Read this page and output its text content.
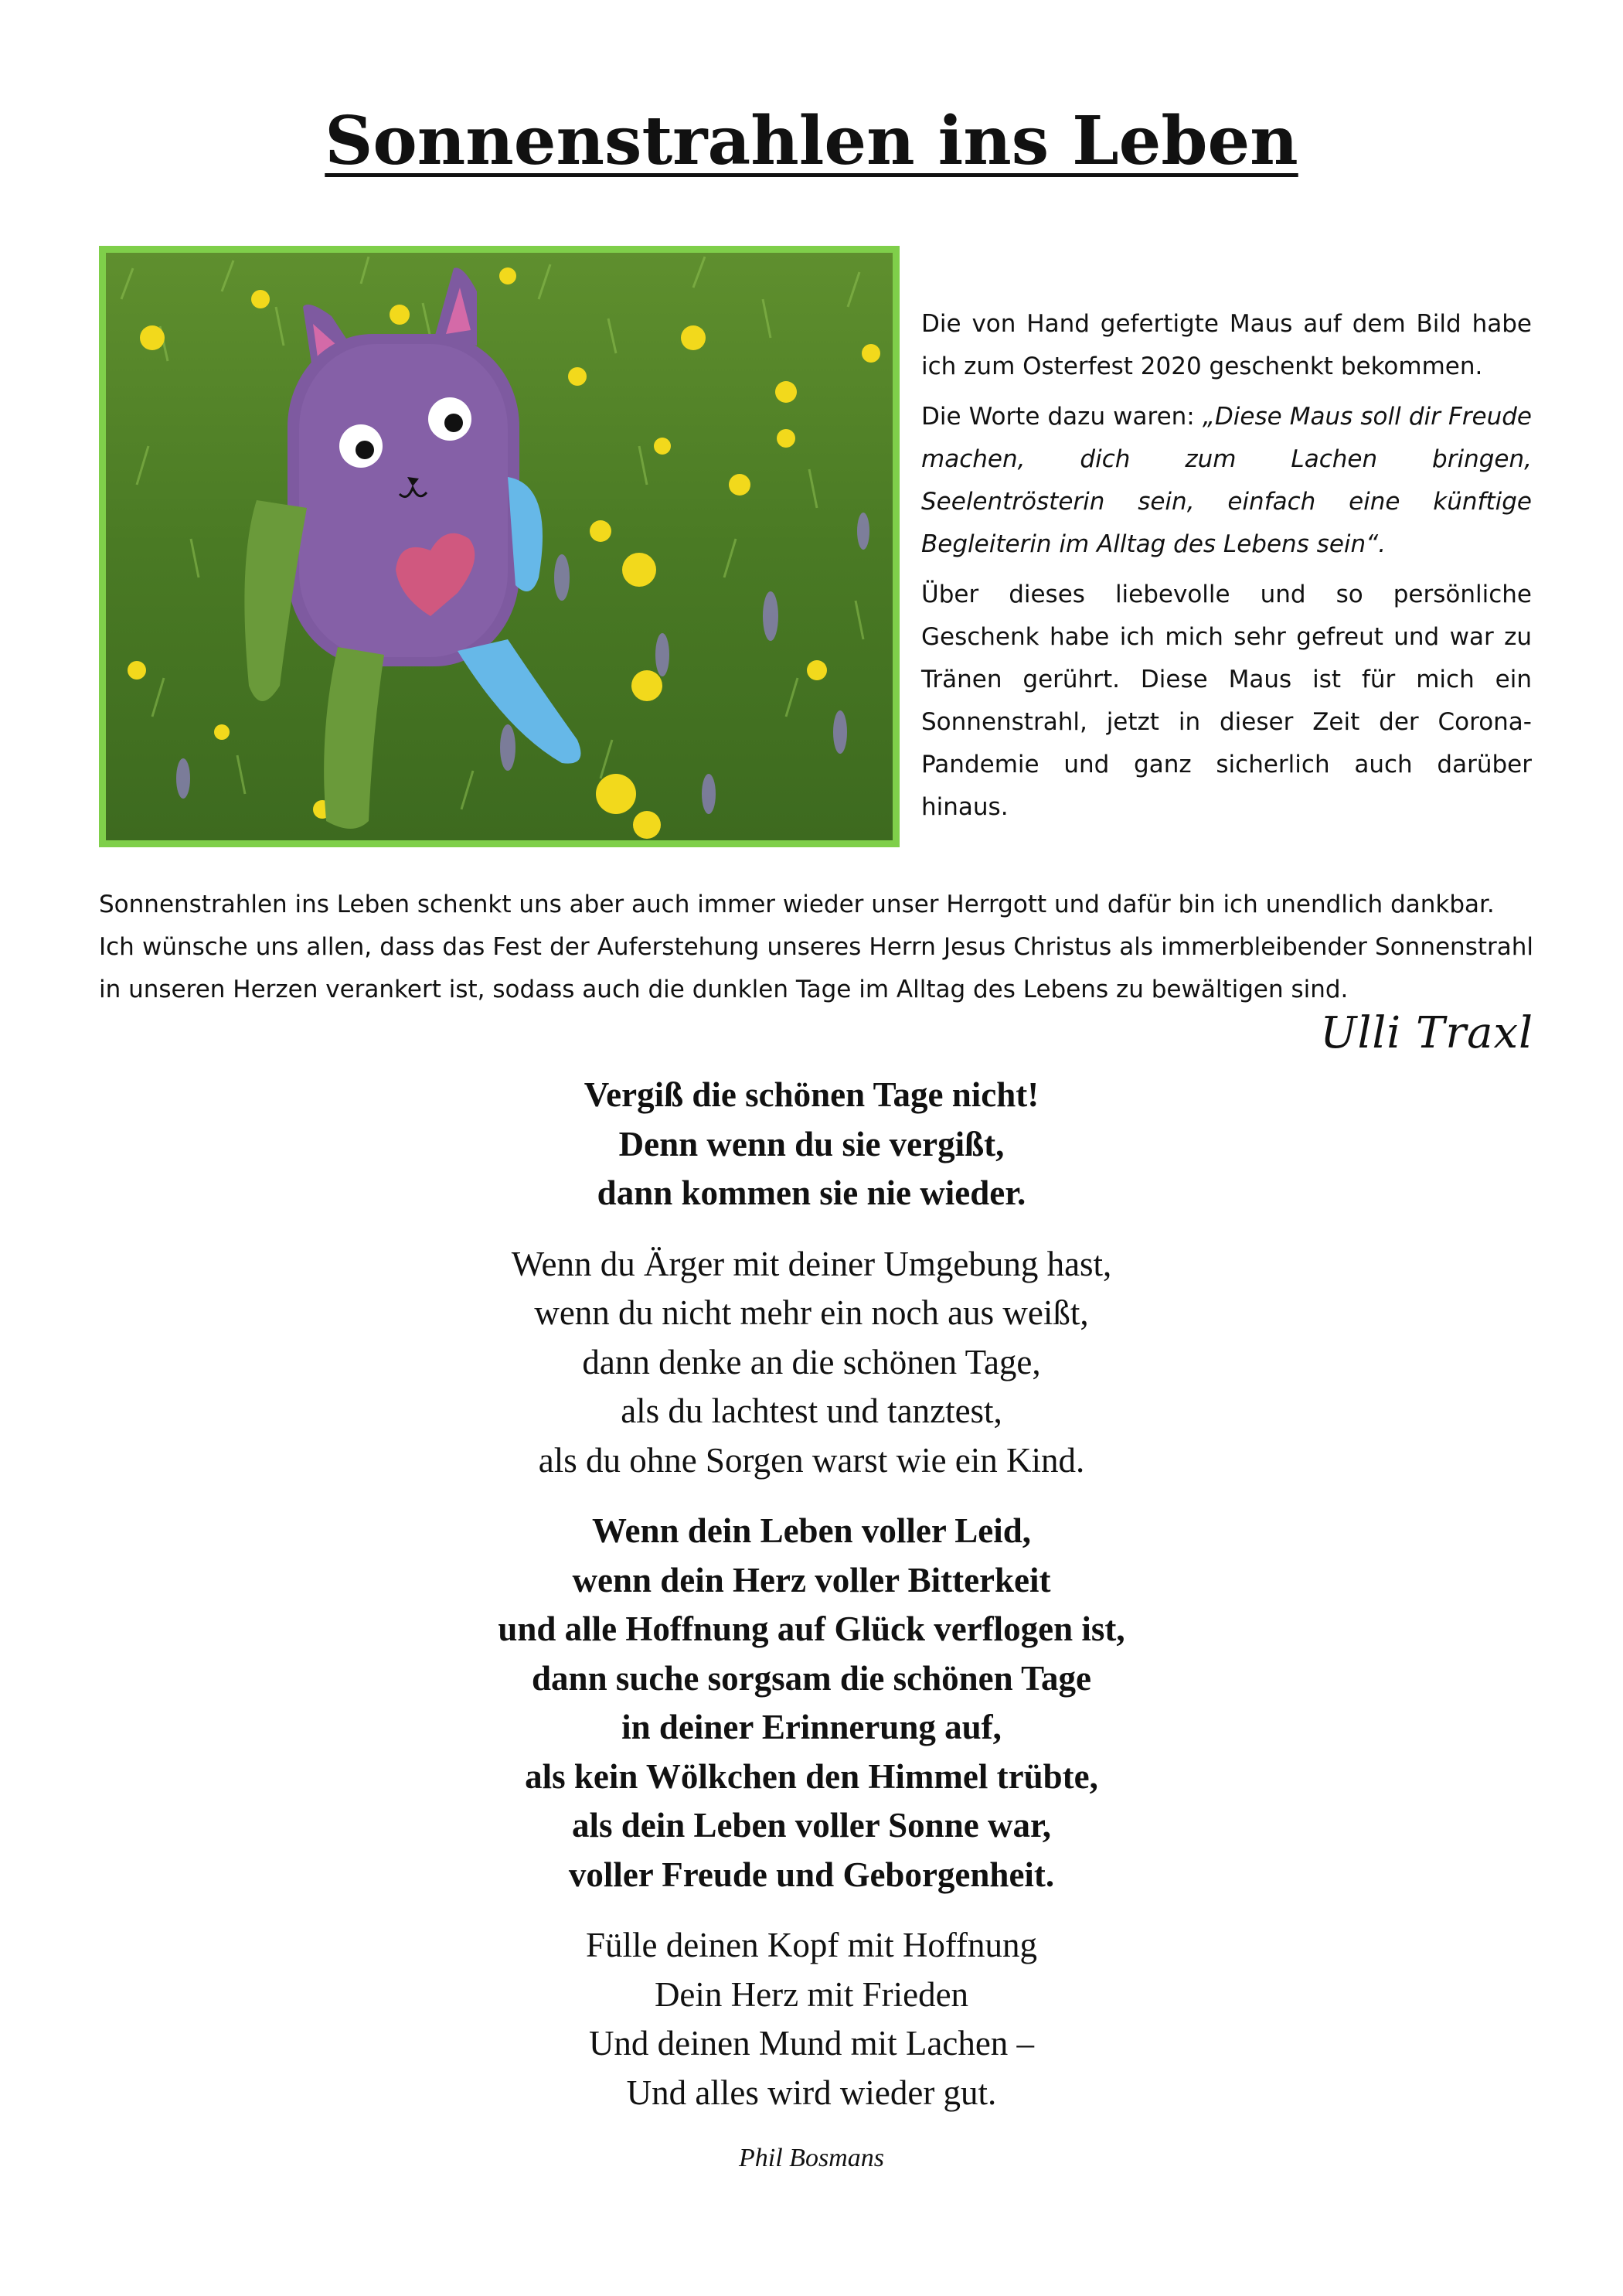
Sonnenstrahlen ins Leben

Die von Hand gefertigte Maus auf dem Bild habe ich zum Osterfest 2020 geschenkt bekommen.

Die Worte dazu waren: „Diese Maus soll dir Freude machen, dich zum Lachen bringen, Seelentrösterin sein, einfach eine künftige Begleiterin im Alltag des Lebens sein“.

Über dieses liebevolle und so persönliche Geschenk habe ich mich sehr gefreut und war zu Tränen gerührt. Diese Maus ist für mich ein Sonnenstrahl, jetzt in dieser Zeit der Corona-Pandemie und ganz sicherlich auch darüber hinaus.

Sonnenstrahlen ins Leben schenkt uns aber auch immer wieder unser Herrgott und dafür bin ich unendlich dankbar.

Ich wünsche uns allen, dass das Fest der Auferstehung unseres Herrn Jesus Christus als immerbleibender Sonnenstrahl in unseren Herzen verankert ist, sodass auch die dunklen Tage im Alltag des Lebens zu bewältigen sind.

Ulli Traxl
Vergiß die schönen Tage nicht!
Denn wenn du sie vergißt,
dann kommen sie nie wieder.
Wenn du Ärger mit deiner Umgebung hast,
wenn du nicht mehr ein noch aus weißt,
dann denke an die schönen Tage,
als du lachtest und tanztest,
als du ohne Sorgen warst wie ein Kind.
Wenn dein Leben voller Leid,
wenn dein Herz voller Bitterkeit
und alle Hoffnung auf Glück verflogen ist,
dann suche sorgsam die schönen Tage
in deiner Erinnerung auf,
als kein Wölkchen den Himmel trübte,
als dein Leben voller Sonne war,
voller Freude und Geborgenheit.
Fülle deinen Kopf mit Hoffnung
Dein Herz mit Frieden
Und deinen Mund mit Lachen –
Und alles wird wieder gut.
Phil Bosmans
